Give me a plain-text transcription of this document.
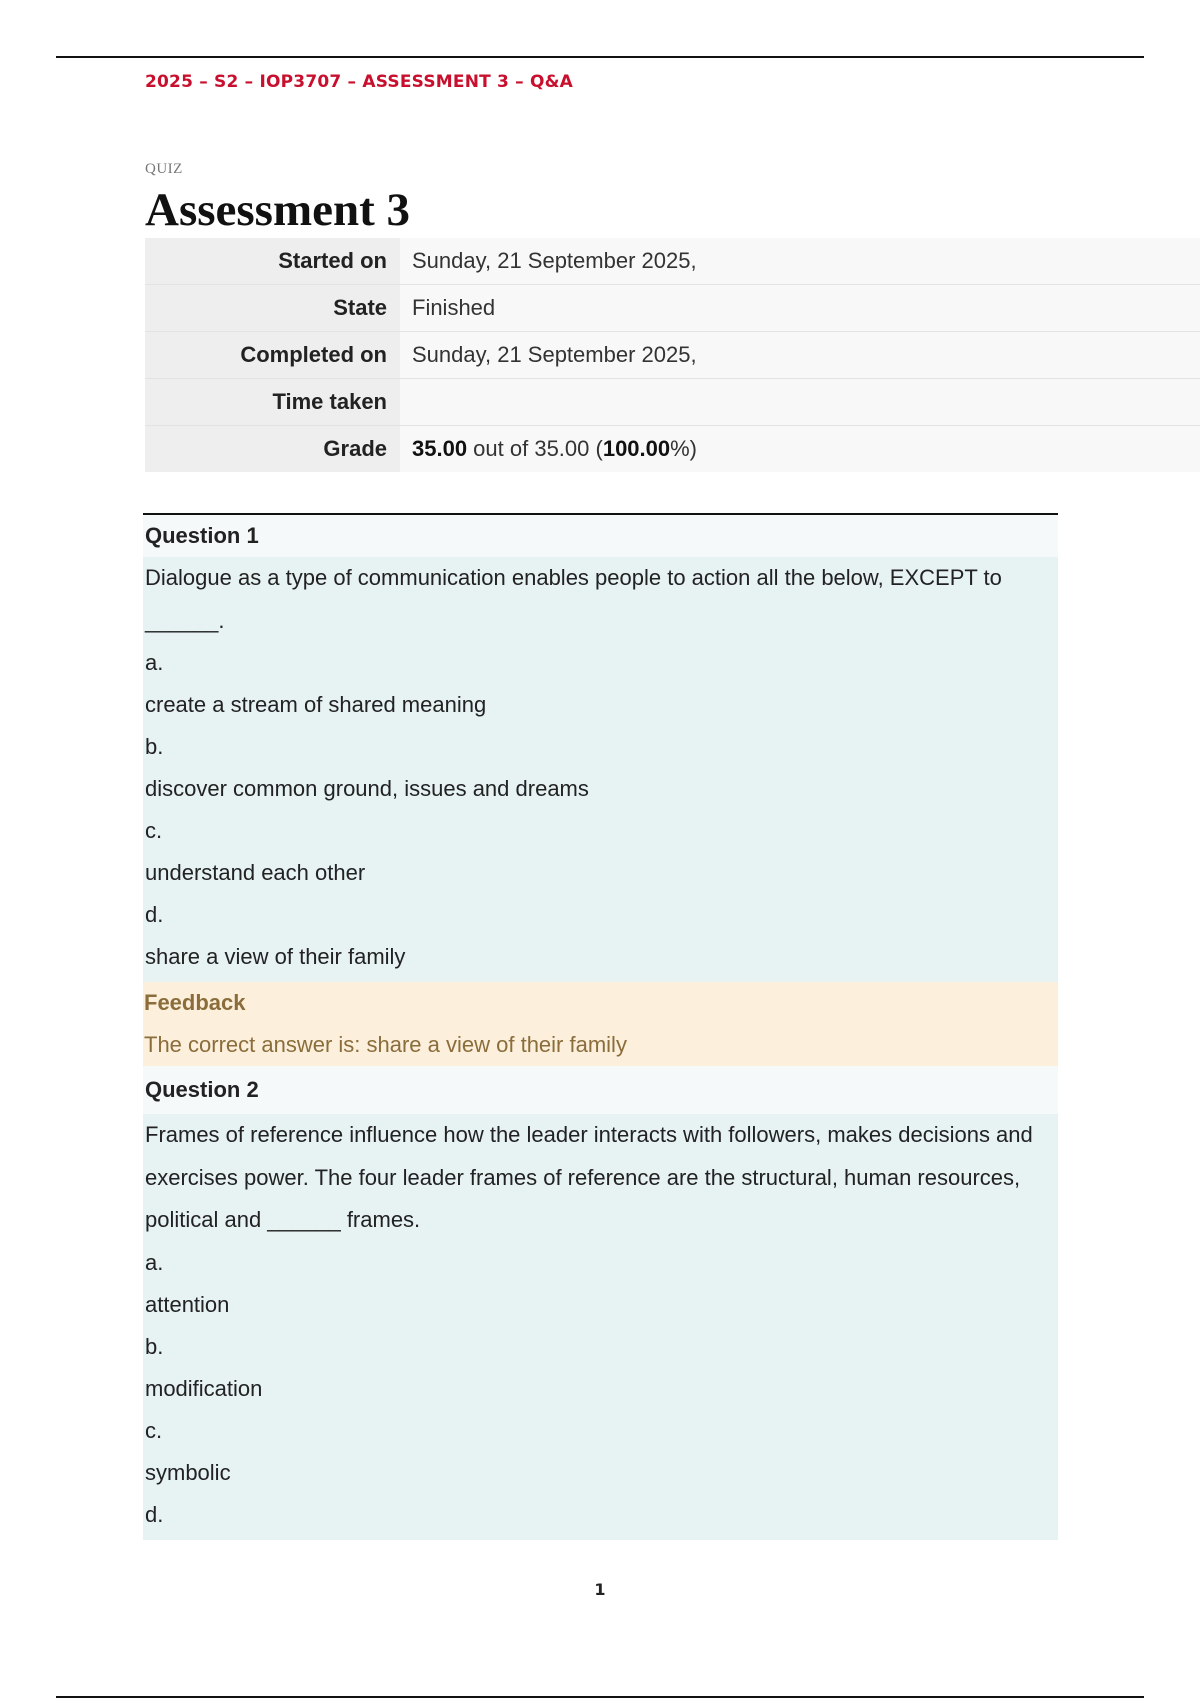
2025 – S2 – IOP3707 – ASSESSMENT 3 – Q&A
QUIZ
Assessment 3
Started on	Sunday, 21 September 2025,
State	Finished
Completed on	Sunday, 21 September 2025,
Time taken	
Grade	35.00 out of 35.00 (100.00%)
Question 1
Dialogue as a type of communication enables people to action all the below, EXCEPT to ______.
a.
create a stream of shared meaning
b.
discover common ground, issues and dreams
c.
understand each other
d.
share a view of their family
Feedback
The correct answer is: share a view of their family
Question 2
Frames of reference influence how the leader interacts with followers, makes decisions and exercises power. The four leader frames of reference are the structural, human resources, political and ______ frames.
a.
attention
b.
modification
c.
symbolic
d.
1
